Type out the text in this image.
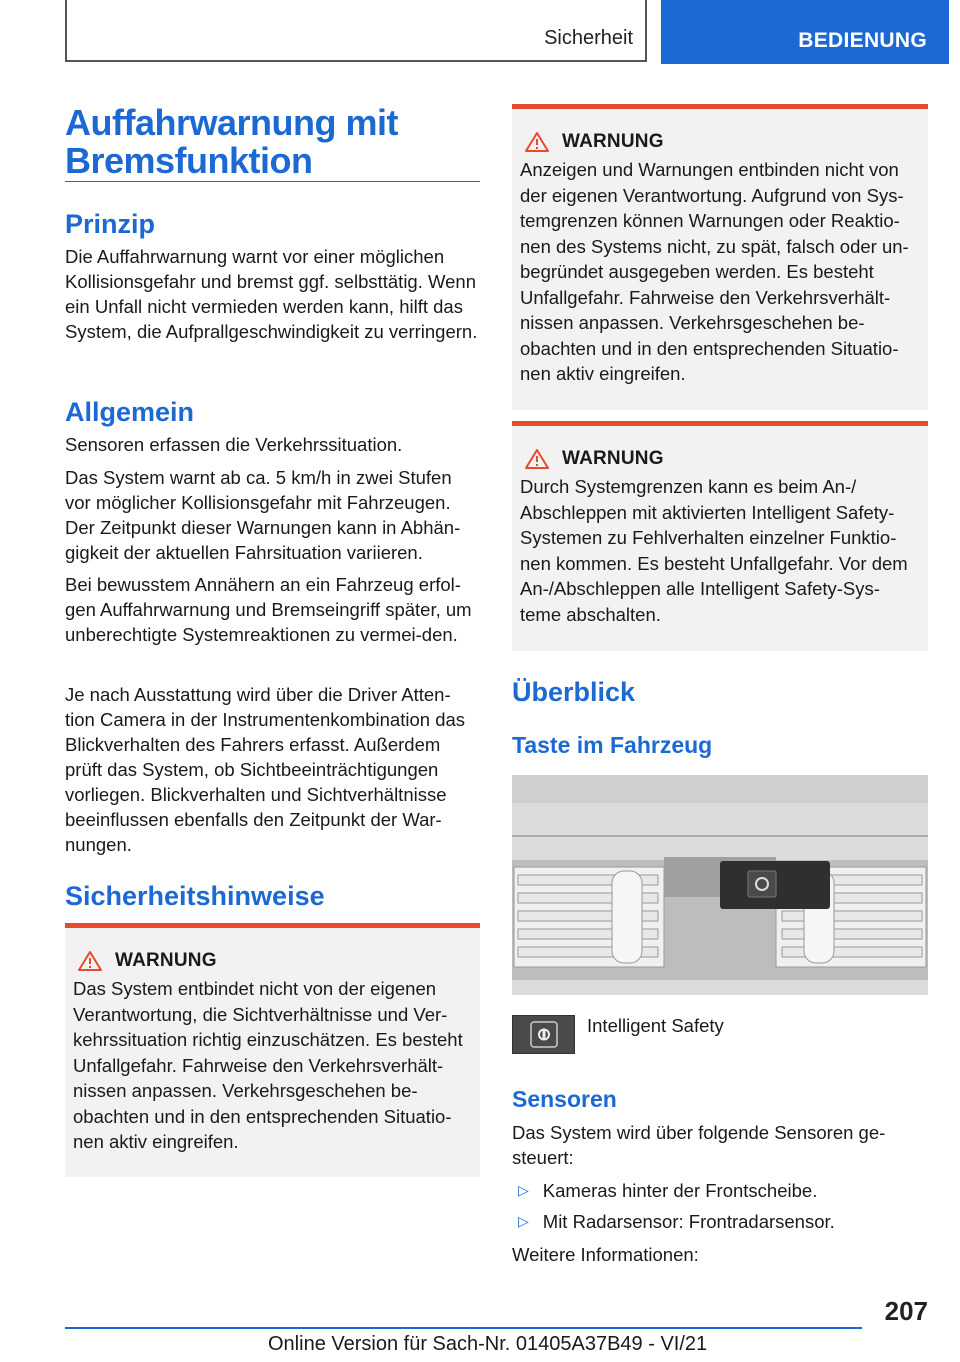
Sicherheit	BEDIENUNG
Auffahrwarnung mit Bremsfunktion
Prinzip

Die Auffahrwarnung warnt vor einer möglichen Kollisionsgefahr und bremst ggf. selbsttätig. Wenn ein Unfall nicht vermieden werden kann, hilft das System, die Aufprallgeschwindigkeit zu verringern.

Allgemein

Sensoren erfassen die Verkehrssituation.

Das System warnt ab ca. 5 km/h in zwei Stufen vor möglicher Kollisionsgefahr mit Fahrzeugen. Der Zeitpunkt dieser Warnungen kann in Abhän-gigkeit der aktuellen Fahrsituation variieren.

Bei bewusstem Annähern an ein Fahrzeug erfol-gen Auffahrwarnung und Bremseingriff später, um unberechtigte Systemreaktionen zu vermei-den.

Je nach Ausstattung wird über die Driver Atten-tion Camera in der Instrumentenkombination das Blickverhalten des Fahrers erfasst. Außerdem prüft das System, ob Sichtbeeinträchtigungen vorliegen. Blickverhalten und Sichtverhältnisse beeinflussen ebenfalls den Zeitpunkt der War-nungen.

Sicherheitshinweise
WARNUNG
Das System entbindet nicht von der eigenen Verantwortung, die Sichtverhältnisse und Ver-kehrssituation richtig einzuschätzen. Es besteht Unfallgefahr. Fahrweise den Verkehrsverhält-nissen anpassen. Verkehrsgeschehen be-obachten und in den entsprechenden Situatio-nen aktiv eingreifen.
WARNUNG
Anzeigen und Warnungen entbinden nicht von der eigenen Verantwortung. Aufgrund von Sys-temgrenzen können Warnungen oder Reaktio-nen des Systems nicht, zu spät, falsch oder un-begründet ausgegeben werden. Es besteht Unfallgefahr. Fahrweise den Verkehrsverhält-nissen anpassen. Verkehrsgeschehen be-obachten und in den entsprechenden Situatio-nen aktiv eingreifen.
WARNUNG
Durch Systemgrenzen kann es beim An-/ Abschleppen mit aktivierten Intelligent Safety-Systemen zu Fehlverhalten einzelner Funktio-nen kommen. Es besteht Unfallgefahr. Vor dem An-/Abschleppen alle Intelligent Safety-Sys-teme abschalten.
Überblick
Taste im Fahrzeug

Intelligent Safety

Sensoren

Das System wird über folgende Sensoren ge-steuert:

▷ Kameras hinter der Frontscheibe.
▷ Mit Radarsensor: Frontradarsensor.

Weitere Informationen:

207
Online Version für Sach-Nr. 01405A37B49 - VI/21
